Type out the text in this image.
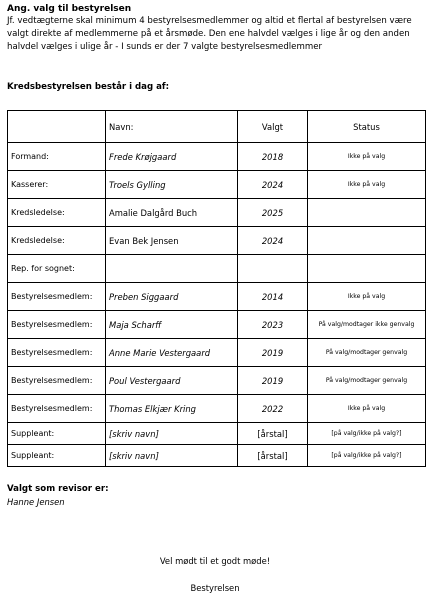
Ang. valg til bestyrelsen
Jf. vedtægterne skal minimum 4 bestyrelsesmedlemmer og altid et flertal af bestyrelsen være valgt direkte af medlemmerne på et årsmøde. Den ene halvdel vælges i lige år og den anden halvdel vælges i ulige år - I sunds er der 7 valgte bestyrelsesmedlemmer
Kredsbestyrelsen består i dag af:
	Navn:	Valgt	Status
Formand:	Frede Krøjgaard	2018	Ikke på valg
Kasserer:	Troels Gylling	2024	Ikke på valg
Kredsledelse:	Amalie Dalgård Buch	2025	
Kredsledelse:	Evan Bek Jensen	2024	
Rep. for sognet:			
Bestyrelsesmedlem:	Preben Siggaard	2014	Ikke på valg
Bestyrelsesmedlem:	Maja Scharff	2023	På valg/modtager ikke genvalg
Bestyrelsesmedlem:	Anne Marie Vestergaard	2019	På valg/modtager genvalg
Bestyrelsesmedlem:	Poul Vestergaard	2019	På valg/modtager genvalg
Bestyrelsesmedlem:	Thomas Elkjær Kring	2022	Ikke på valg
Suppleant:	[skriv navn]	[årstal]	[på valg/ikke på valg?]
Suppleant:	[skriv navn]	[årstal]	[på valg/ikke på valg?]
Valgt som revisor er:
Hanne Jensen
Vel mødt til et godt møde!
Bestyrelsen
